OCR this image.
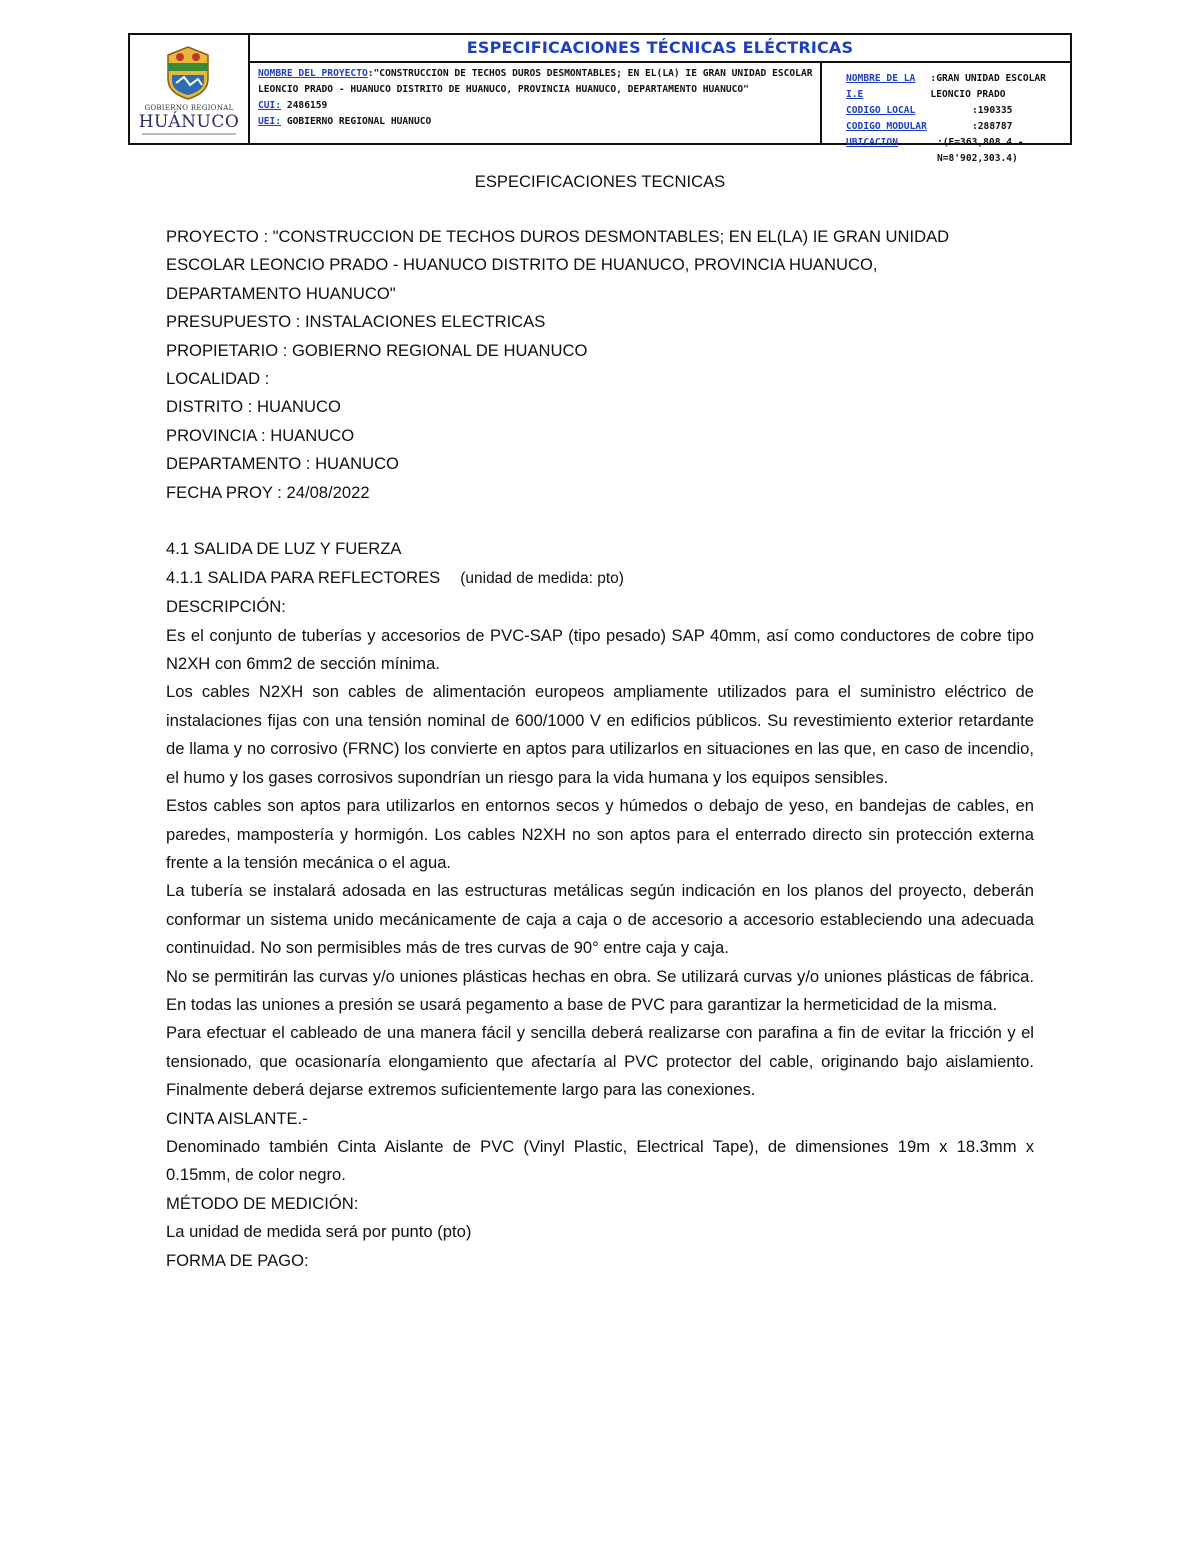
GOBIERNO REGIONAL
HUÁNUCO
ESPECIFICACIONES TÉCNICAS ELÉCTRICAS
NOMBRE DEL PROYECTO:"CONSTRUCCION DE TECHOS DUROS DESMONTABLES; EN EL(LA) IE GRAN UNIDAD ESCOLAR LEONCIO PRADO - HUANUCO DISTRITO DE HUANUCO, PROVINCIA HUANUCO, DEPARTAMENTO HUANUCO"
CUI: 2486159
UEI: GOBIERNO REGIONAL HUANUCO
NOMBRE DE LA I.E
:GRAN UNIDAD ESCOLAR LEONCIO PRADO
CODIGO LOCAL	:190335
CODIGO MODULAR	:288787
UBICACION	:(E=363,808.4 - N=8'902,303.4)
ESPECIFICACIONES TECNICAS
PROYECTO : "CONSTRUCCION DE TECHOS DUROS DESMONTABLES; EN EL(LA) IE GRAN UNIDAD
ESCOLAR LEONCIO PRADO - HUANUCO DISTRITO DE HUANUCO, PROVINCIA HUANUCO,
DEPARTAMENTO HUANUCO"
PRESUPUESTO : INSTALACIONES ELECTRICAS
PROPIETARIO : GOBIERNO REGIONAL DE HUANUCO
LOCALIDAD :
DISTRITO : HUANUCO
PROVINCIA : HUANUCO
DEPARTAMENTO : HUANUCO
FECHA PROY : 24/08/2022
4.1 SALIDA DE LUZ Y FUERZA
4.1.1 SALIDA PARA REFLECTORES (unidad de medida: pto)
DESCRIPCIÓN:
Es el conjunto de tuberías y accesorios de PVC-SAP (tipo pesado) SAP 40mm, así como conductores de cobre tipo N2XH con 6mm2 de sección mínima.
Los cables N2XH son cables de alimentación europeos ampliamente utilizados para el suministro eléctrico de instalaciones fijas con una tensión nominal de 600/1000 V en edificios públicos. Su revestimiento exterior retardante de llama y no corrosivo (FRNC) los convierte en aptos para utilizarlos en situaciones en las que, en caso de incendio, el humo y los gases corrosivos supondrían un riesgo para la vida humana y los equipos sensibles.
Estos cables son aptos para utilizarlos en entornos secos y húmedos o debajo de yeso, en bandejas de cables, en paredes, mampostería y hormigón. Los cables N2XH no son aptos para el enterrado directo sin protección externa frente a la tensión mecánica o el agua.
La tubería se instalará adosada en las estructuras metálicas según indicación en los planos del proyecto, deberán conformar un sistema unido mecánicamente de caja a caja o de accesorio a accesorio estableciendo una adecuada continuidad. No son permisibles más de tres curvas de 90° entre caja y caja.
No se permitirán las curvas y/o uniones plásticas hechas en obra. Se utilizará curvas y/o uniones plásticas de fábrica. En todas las uniones a presión se usará pegamento a base de PVC para garantizar la hermeticidad de la misma.
Para efectuar el cableado de una manera fácil y sencilla deberá realizarse con parafina a fin de evitar la fricción y el tensionado, que ocasionaría elongamiento que afectaría al PVC protector del cable, originando bajo aislamiento. Finalmente deberá dejarse extremos suficientemente largo para las conexiones.
CINTA AISLANTE.-
Denominado también Cinta Aislante de PVC (Vinyl Plastic, Electrical Tape), de dimensiones 19m x 18.3mm x 0.15mm, de color negro.
MÉTODO DE MEDICIÓN:
La unidad de medida será por punto (pto)
FORMA DE PAGO:
